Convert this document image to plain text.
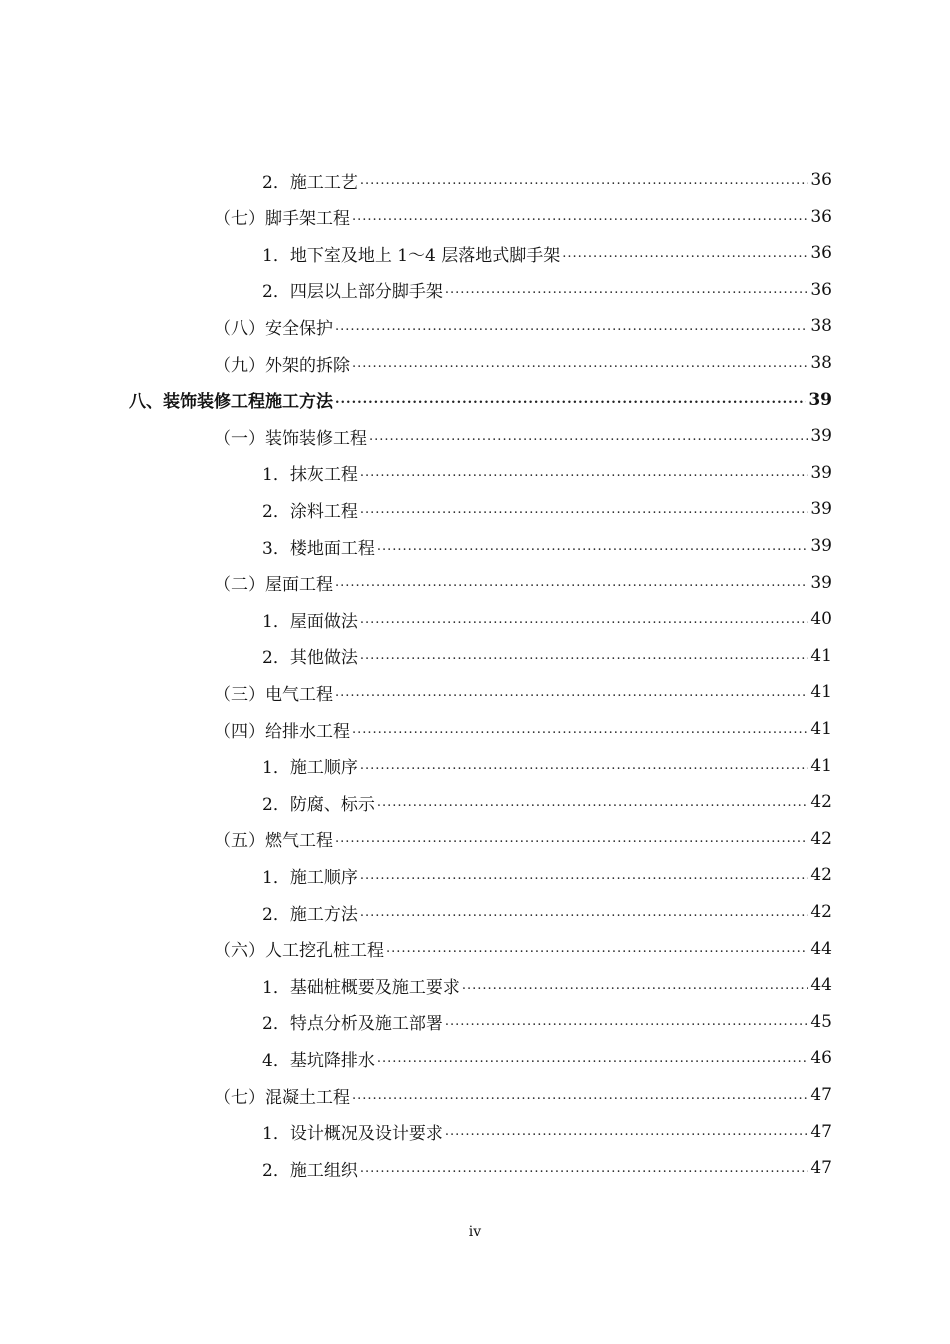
2．施工工艺 .....	36
（七）脚手架工程 .....	36
1．地下室及地上 1～4 层落地式脚手架 .....	36
2．四层以上部分脚手架 .....	36
（八）安全保护 .....	38
（九）外架的拆除 .....	38
八、装饰装修工程施工方法 .....	39
（一）装饰装修工程 .....	39
1．抹灰工程 .....	39
2．涂料工程 .....	39
3．楼地面工程 .....	39
（二）屋面工程 .....	39
1．屋面做法 .....	40
2．其他做法 .....	41
（三）电气工程 .....	41
（四）给排水工程 .....	41
1．施工顺序 .....	41
2．防腐、标示 .....	42
（五）燃气工程 .....	42
1．施工顺序 .....	42
2．施工方法 .....	42
（六）人工挖孔桩工程 .....	44
1．基础桩概要及施工要求 .....	44
2．特点分析及施工部署 .....	45
4．基坑降排水 .....	46
（七）混凝土工程 .....	47
1．设计概况及设计要求 .....	47
2．施工组织 .....	47
iv
